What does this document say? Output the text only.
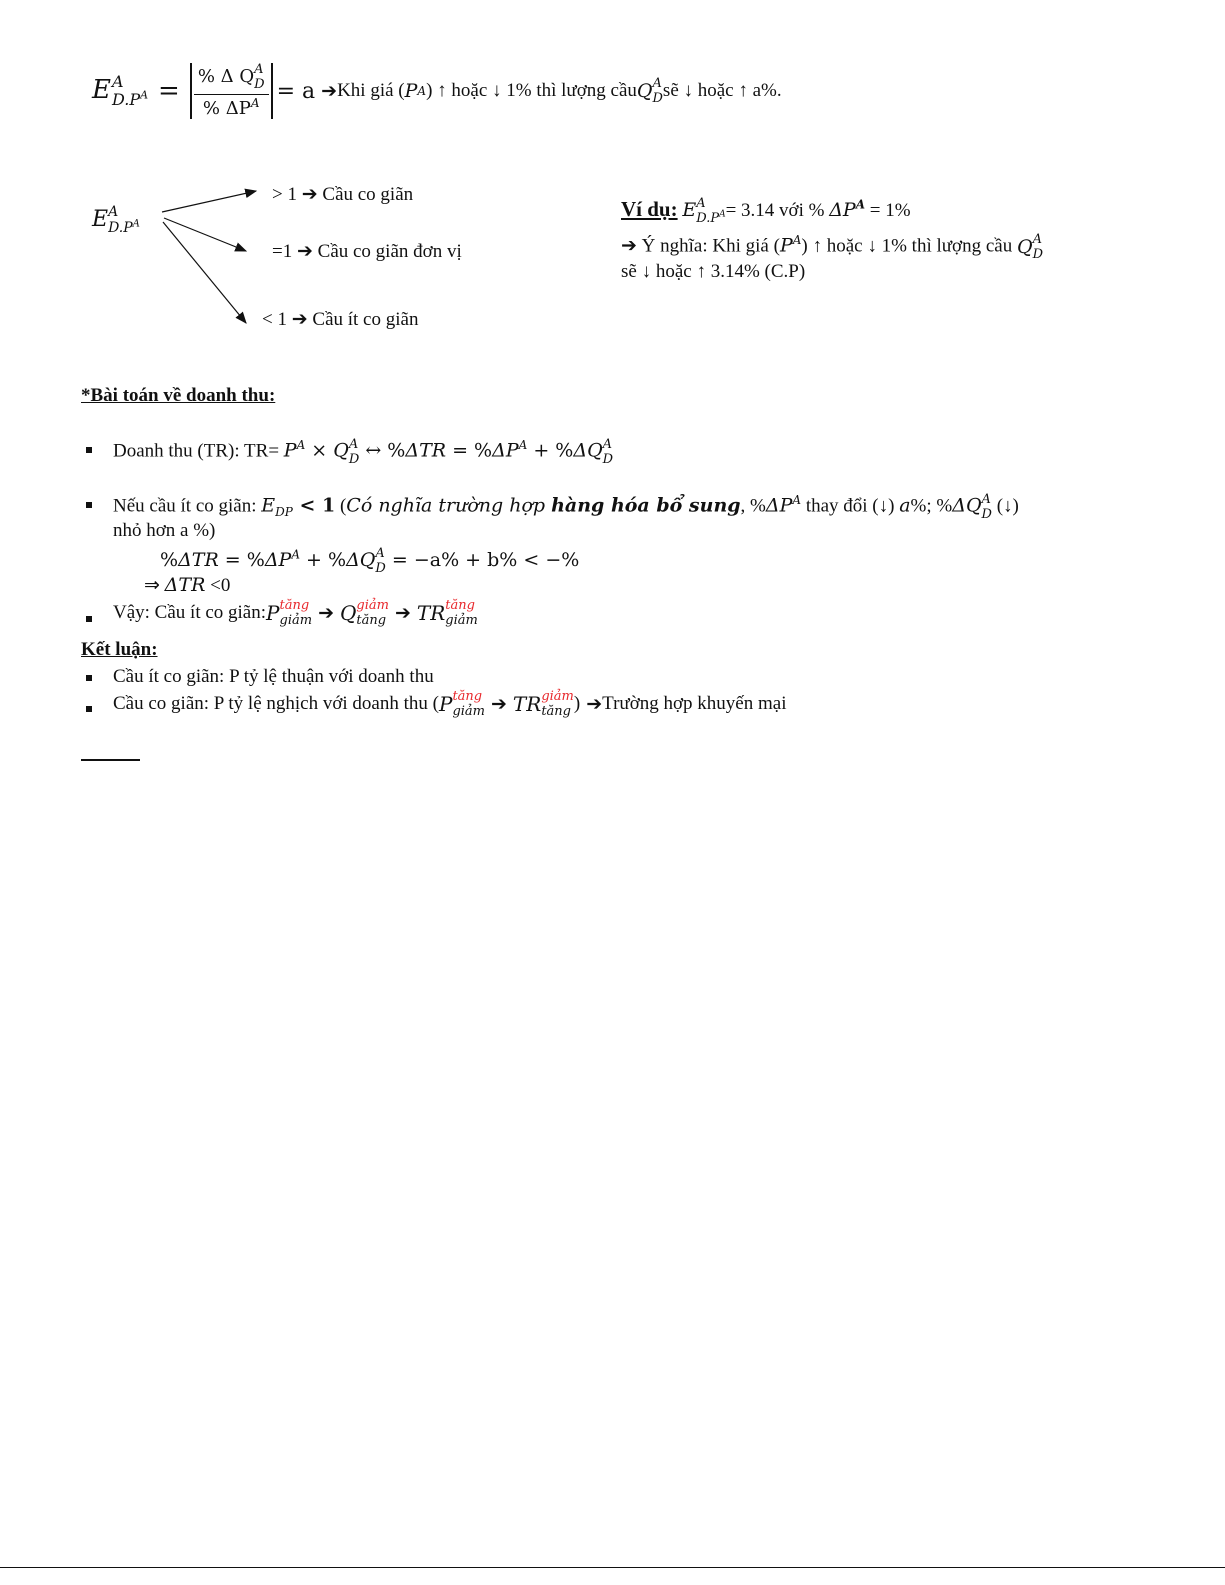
E A
$D.P^A$ = % Δ Q A
D
% $\Delta P^A = a$ ➔ Khi giá ( P A ) ↑ hoặc ↓ 1% thì lượng cầu Q A
D sẽ ↓ hoặc ↑ a%.
E A
$D.P^A$
> 1 ➔ Cầu co giãn
=1 ➔ Cầu co giãn đơn vị
< 1 ➔ Cầu ít co giãn
Ví dụ: E A
$D.P^A = 3.14$ với % $\Delta P^A = 1\%$
➔ Ý nghĩa: Khi giá $(P^A)$ ↑ hoặc ↓ 1% thì lượng cầu Q A
D
sẽ ↓ hoặc ↑ 3.14% (C.P)
*Bài toán về doanh thu:
Doanh thu (TR): $TR= P^A \times Q$ A
D ↔ $\%\Delta TR = \%\Delta P^A + \%\Delta Q$ A
D
Nếu cầu ít co giãn: $E_{DP} < 1$ (Có nghĩa trường hợp hàng hóa bổ sung, $\%\Delta P^A$ thay đổi (↓) a%; %ΔQ A
D (↓)
nhỏ hơn a %)
$\%\Delta TR = \%\Delta P^A + \%\Delta Q$ A
D = −a% + b% < −%
⇒ ΔTR <0
Vậy: Cầu ít co giãn: P tăng
giảm ➔ Q giảm
tăng ➔ TR tăng
giảm
Kết luận:
Cầu ít co giãn: P tỷ lệ thuận với doanh thu
Cầu co giãn: P tỷ lệ nghịch với doanh thu ( P tăng
giảm ➔ TR giảm
tăng ) ➔ Trường hợp khuyến mại
